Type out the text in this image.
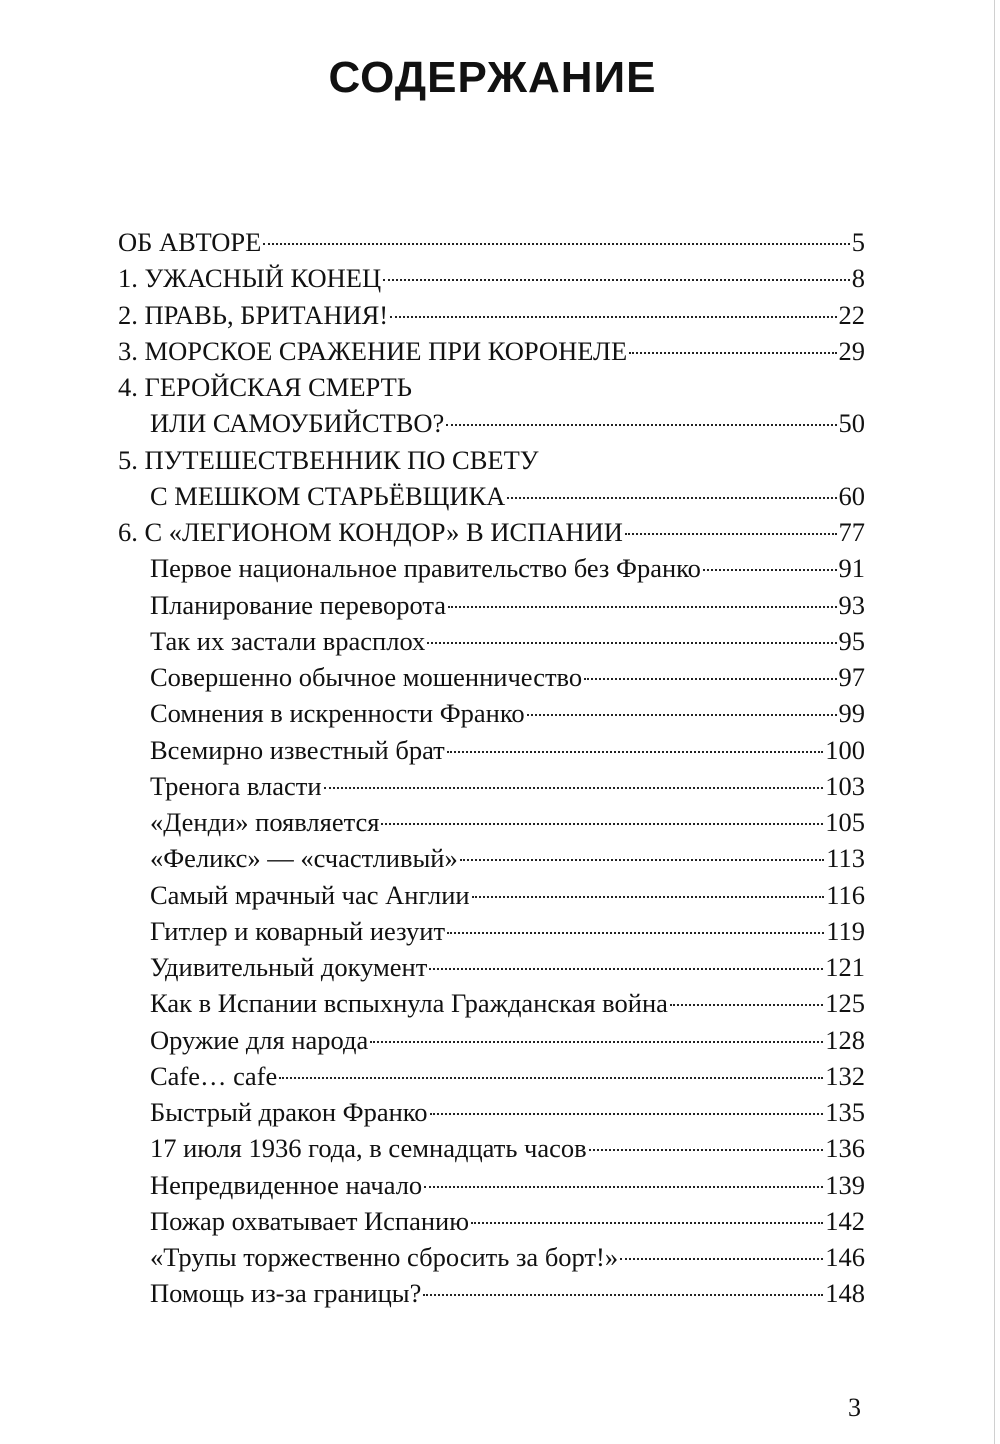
СОДЕРЖАНИЕ
ОБ АВТОРЕ	5
1. УЖАСНЫЙ КОНЕЦ	8
2. ПРАВЬ, БРИТАНИЯ!	22
3. МОРСКОЕ СРАЖЕНИЕ ПРИ КОРОНЕЛЕ	29
4. ГЕРОЙСКАЯ СМЕРТЬ
ИЛИ САМОУБИЙСТВО?	50
5. ПУТЕШЕСТВЕННИК ПО СВЕТУ
С МЕШКОМ СТАРЬЁВЩИКА	60
6. С «ЛЕГИОНОМ КОНДОР» В ИСПАНИИ	77
Первое национальное правительство без Франко	91
Планирование переворота	93
Так их застали врасплох	95
Совершенно обычное мошенничество	97
Сомнения в искренности Франко	99
Всемирно известный брат	100
Тренога власти	103
«Денди» появляется	105
«Феликс» — «счастливый»	113
Самый мрачный час Англии	116
Гитлер и коварный иезуит	119
Удивительный документ	121
Как в Испании вспыхнула Гражданская война	125
Оружие для народа	128
Cafe… cafe	132
Быстрый дракон Франко	135
17 июля 1936 года, в семнадцать часов	136
Непредвиденное начало	139
Пожар охватывает Испанию	142
«Трупы торжественно сбросить за борт!»	146
Помощь из-за границы?	148
3
